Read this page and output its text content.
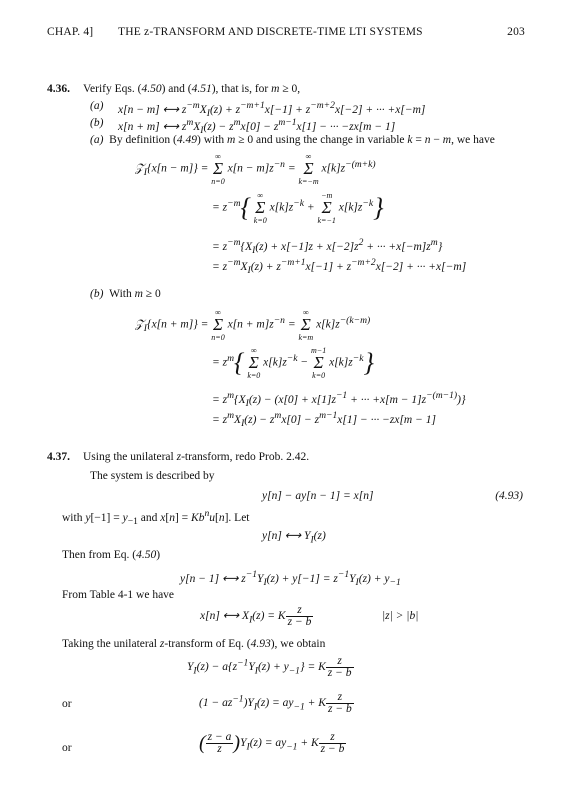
CHAP. 4] THE z-TRANSFORM AND DISCRETE-TIME LTI SYSTEMS	203
4.36. Verify Eqs. (4.50) and (4.51), that is, for m ≥ 0,
(a) x[n − m] ⟷ $z^{-m}X_I(z) + z^{-m+1}x[-1] + z^{-m+2}x[-2]$ + ··· +x[−m]
(b) x[n + m] ⟷ $z^mX_I(z) - z^mx[0] - z^{m-1}x[1]$ − ··· −zx[m − 1]
(a)  By definition (4.49) with m ≥ 0 and using the change in variable k = n − m, we have
𝒵$_I${x[n − m]} =
∞
Σ
n=0
$x[n - m]z^{-n}$ =
∞
Σ
k=−m
$x[k]z^{-(m+k)}$
= $z^{-m}${ ∞
Σ
k=0
$x[k]z^{-k}$ +
−m
Σ
k=−1
$x[k]z^{-k}$}
= $z^{-m}\{X_I(z) + x[-1]z + x[-2]z^2$ + ··· $+x[-m]z^m$}
= $z^{-m}X_I(z) + z^{-m+1}x[-1] + z^{-m+2}x[-2]$ + ··· +x[−m]
(b)  With m ≥ 0
𝒵$_I${x[n + m]} =
∞
Σ
n=0
$x[n + m]z^{-n}$ =
∞
Σ
k=m
$x[k]z^{-(k-m)}$
= $z^m${ ∞
Σ
k=0
$x[k]z^{-k}$ −
m−1
Σ
k=0
$x[k]z^{-k}$}
= $z^m\{X_I(z) - (x[0] + x[1]z^{-1}$ + ··· $+x[m - 1]z^{-(m-1)}$)}
= $z^mX_I(z) - z^mx[0] - z^{m-1}x[1]$ − ··· −zx[m − 1]
4.37. Using the unilateral z-transform, redo Prob. 2.42.
The system is described by
y[n] − ay[n − 1] = x[n]	(4.93)
with $y[-1] = y_{-1}$ and $x[n] = Kb^nu[n]$. Let
y[n] ⟷ $Y_I(z)$
Then from Eq. (4.50)
y[n − 1] ⟷ $z^{-1}Y_I(z) + y[-1] = z^{-1}Y_I(z) + y_{-1}$
From Table 4-1 we have
x[n] ⟷ $X_I(z) = K \frac{z}{z - b}$	|z| > |b|
Taking the unilateral z-transform of Eq. (4.93), we obtain
$Y_I(z) - a\{z^{-1}Y_I(z) + y_{-1}\} = K \frac{z}{z - b}$
or	$(1 - az^{-1})Y_I(z) = ay_{-1} + K \frac{z}{z - b}$
or	( $\frac{z - a}{z} )Y_I(z) = ay_{-1} + K \frac{z}{z - b}$
